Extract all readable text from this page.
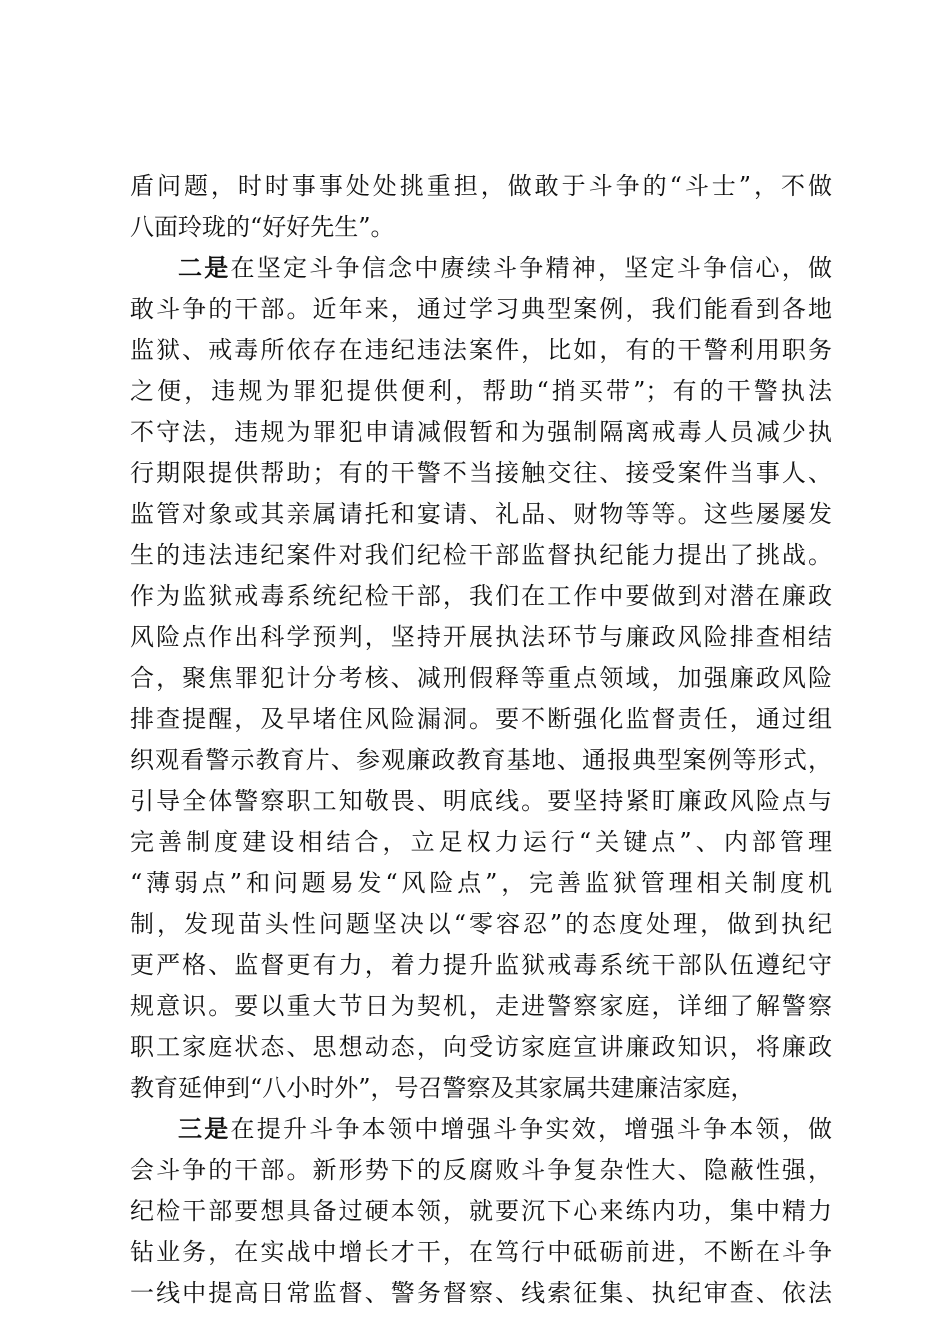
盾问题，时时事事处处挑重担，做敢于斗争的“斗士”，不做
八面玲珑的“好好先生”。
二是在坚定斗争信念中赓续斗争精神，坚定斗争信心，做
敢斗争的干部。近年来，通过学习典型案例，我们能看到各地
监狱、戒毒所依存在违纪违法案件，比如，有的干警利用职务
之便，违规为罪犯提供便利，帮助“捎买带”；有的干警执法
不守法，违规为罪犯申请减假暂和为强制隔离戒毒人员减少执
行期限提供帮助；有的干警不当接触交往、接受案件当事人、
监管对象或其亲属请托和宴请、礼品、财物等等。这些屡屡发
生的违法违纪案件对我们纪检干部监督执纪能力提出了挑战。
作为监狱戒毒系统纪检干部，我们在工作中要做到对潜在廉政
风险点作出科学预判，坚持开展执法环节与廉政风险排查相结
合，聚焦罪犯计分考核、减刑假释等重点领域，加强廉政风险
排查提醒，及早堵住风险漏洞。要不断强化监督责任，通过组
织观看警示教育片、参观廉政教育基地、通报典型案例等形式，
引导全体警察职工知敬畏、明底线。要坚持紧盯廉政风险点与
完善制度建设相结合，立足权力运行“关键点”、内部管理
“薄弱点”和问题易发“风险点”，完善监狱管理相关制度机
制，发现苗头性问题坚决以“零容忍”的态度处理，做到执纪
更严格、监督更有力，着力提升监狱戒毒系统干部队伍遵纪守
规意识。要以重大节日为契机，走进警察家庭，详细了解警察
职工家庭状态、思想动态，向受访家庭宣讲廉政知识，将廉政
教育延伸到“八小时外”，号召警察及其家属共建廉洁家庭，
三是在提升斗争本领中增强斗争实效，增强斗争本领，做
会斗争的干部。新形势下的反腐败斗争复杂性大、隐蔽性强，
纪检干部要想具备过硬本领，就要沉下心来练内功，集中精力
钻业务，在实战中增长才干，在笃行中砥砺前进，不断在斗争
一线中提高日常监督、警务督察、线索征集、执纪审查、依法
